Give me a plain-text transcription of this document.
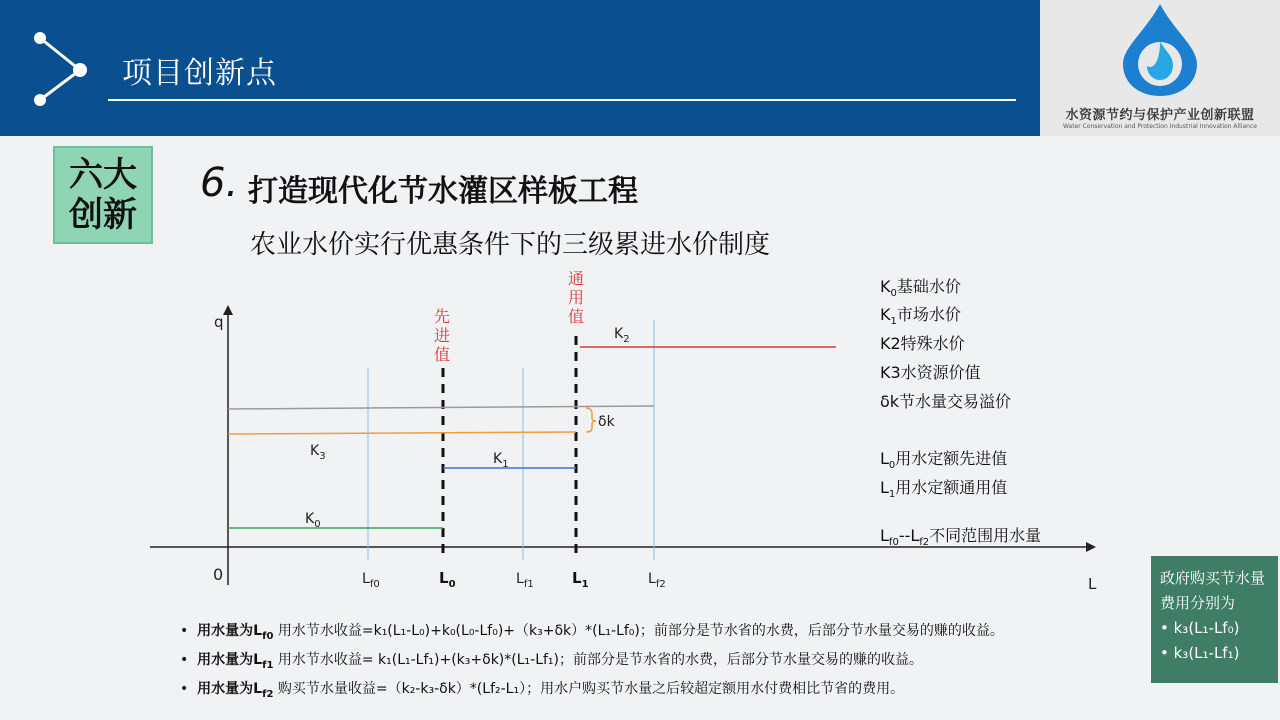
项目创新点
水资源节约与保护产业创新联盟
Water Conservation and Protection Industrial Innovation Alliance
六大
创新
6. 打造现代化节水灌区样板工程
农业水价实行优惠条件下的三级累进水价制度
q
L
0
$K_0$
$K_1$
$K_3$
$K_2$
δk
先
进
值
通
用
值
$L_{f0}$	$L_0$	$L_{f1}$	$L_1$	$L_{f2}$
$K_0$基础水价
$K_1$市场水价
K2特殊水价
K3水资源价值
δk节水量交易溢价
$L_0$用水定额先进值
$L_1$用水定额通用值
$L_{f0}--L_{f2}$不同范围用水量
•  用水量为$L_{f0}$ 用水节水收益=k₁(L₁-L₀)+k₀(L₀-Lf₀)+（k₃+δk）*(L₁-Lf₀)；前部分是节水省的水费，后部分节水量交易的赚的收益。
•  用水量为$L_{f1}$ 用水节水收益= k₁(L₁-Lf₁)+(k₃+δk)*(L₁-Lf₁)；前部分是节水省的水费，后部分节水量交易的赚的收益。
•  用水量为$L_{f2}$ 购买节水量收益=（k₂-k₃-δk）*(Lf₂-L₁）；用水户购买节水量之后较超定额用水付费相比节省的费用。
政府购买节水量费用分别为
• k₃(L₁-Lf₀)
• k₃(L₁-Lf₁)
